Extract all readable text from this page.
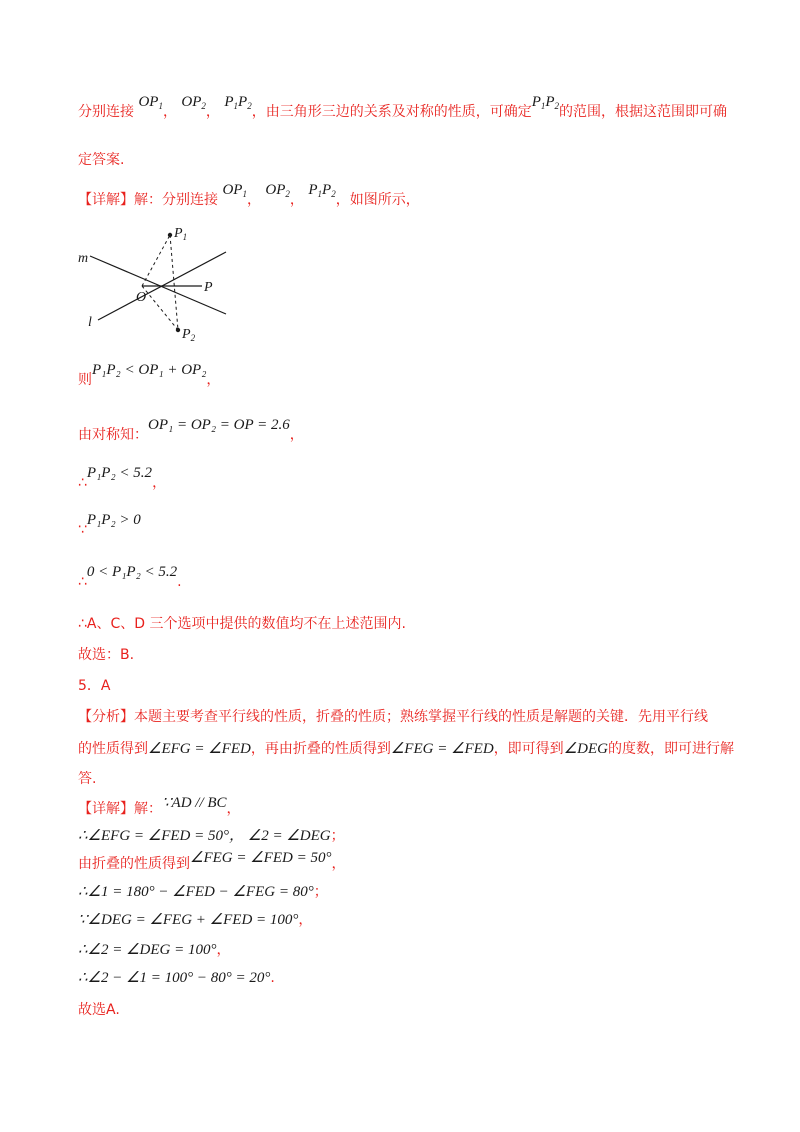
分别连接 $OP_1$， $OP_2$， $P_1P_2$，由三角形三边的关系及对称的性质，可确定$P_1P_2$的范围，根据这范围即可确
定答案.
【详解】解：分别连接 $OP_1$， $OP_2$， $P_1P_2$，如图所示，
m
l
O
P
$P_1$
$P_2$
则P₁P₂ < OP₁ + OP₂，
由对称知：OP₁ = OP₂ = OP = 2.6，
∴P₁P₂ < 5.2，
∵P₁P₂ > 0
∴0 < P₁P₂ < 5.2.
∴A、C、D 三个选项中提供的数值均不在上述范围内.
故选：B.
5．A
【分析】本题主要考查平行线的性质，折叠的性质；熟练掌握平行线的性质是解题的关键．先用平行线
的性质得到∠EFG = ∠FED，再由折叠的性质得到∠FEG = ∠FED，即可得到∠DEG的度数，即可进行解
答.
【详解】解：∵AD // BC，
∴∠EFG = ∠FED = 50°， ∠2 = ∠DEG；
由折叠的性质得到∠FEG = ∠FED = 50°，
∴∠1 = 180° − ∠FED − ∠FEG = 80°；
∵∠DEG = ∠FEG + ∠FED = 100°，
∴∠2 = ∠DEG = 100°，
∴∠2 − ∠1 = 100° − 80° = 20°.
故选A.
